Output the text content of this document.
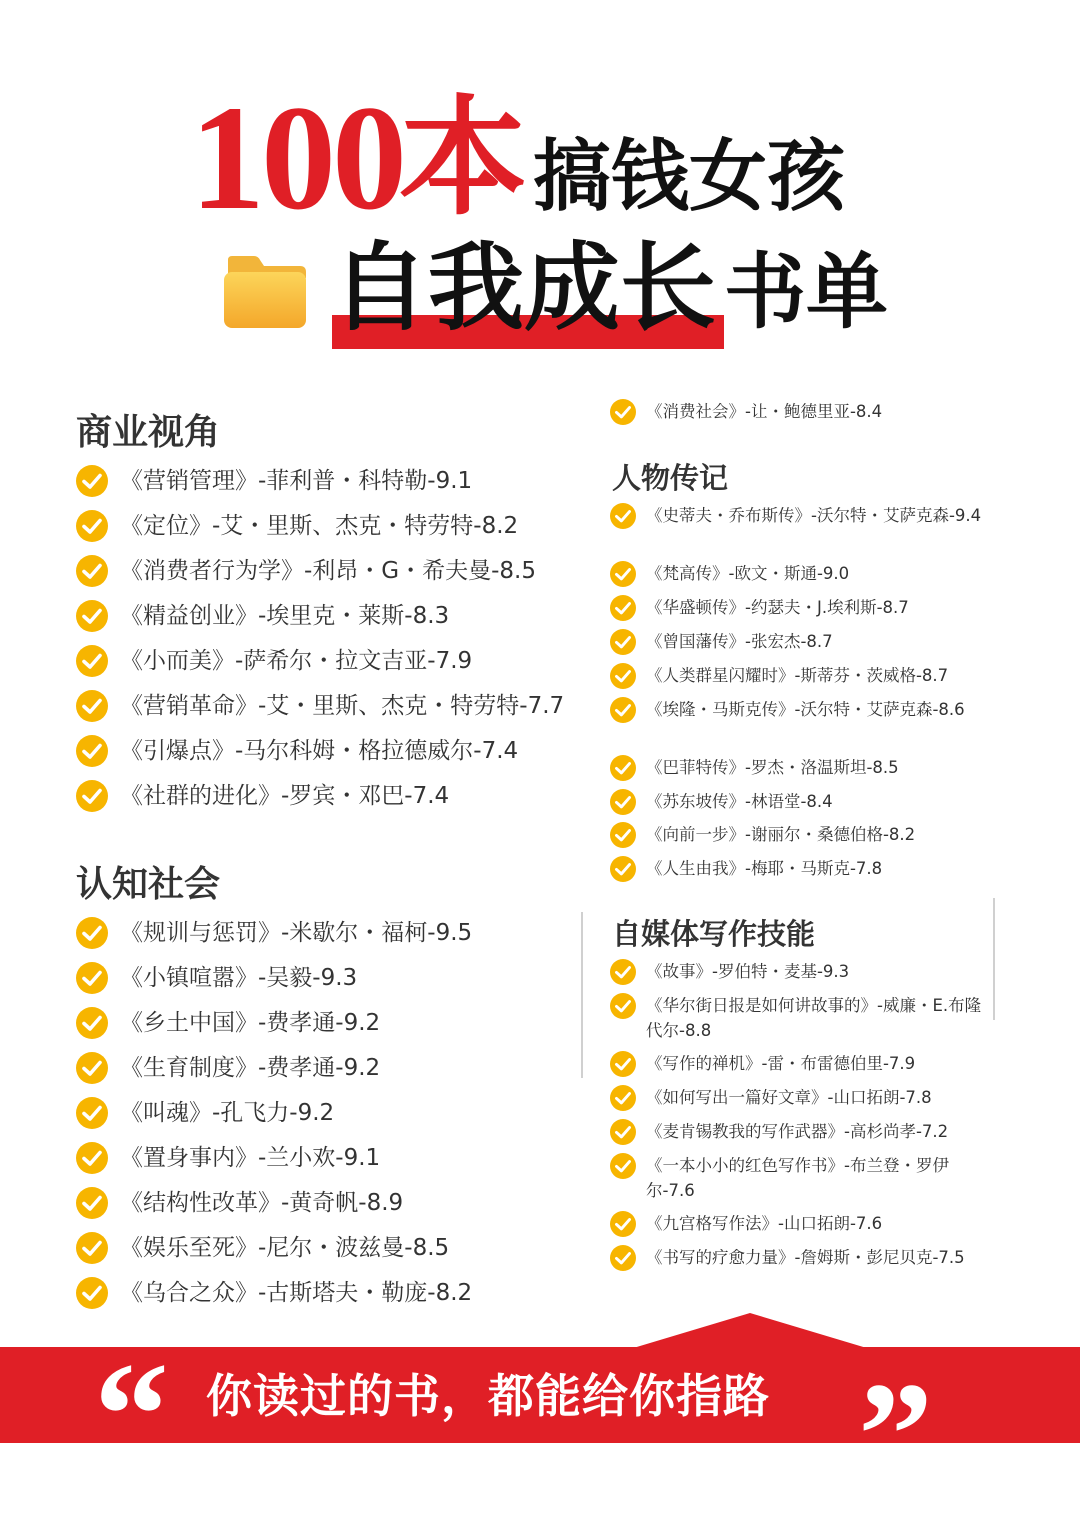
100本搞钱女孩
自我成长书单
商业视角
《营销管理》-菲利普・科特勒-9.1
《定位》-艾・里斯、杰克・特劳特-8.2
《消费者行为学》-利昂・G・希夫曼-8.5
《精益创业》-埃里克・莱斯-8.3
《小而美》-萨希尔・拉文吉亚-7.9
《营销革命》-艾・里斯、杰克・特劳特-7.7
《引爆点》-马尔科姆・格拉德威尔-7.4
《社群的进化》-罗宾・邓巴-7.4
认知社会
《规训与惩罚》-米歇尔・福柯-9.5
《小镇喧嚣》-吴毅-9.3
《乡土中国》-费孝通-9.2
《生育制度》-费孝通-9.2
《叫魂》-孔飞力-9.2
《置身事内》-兰小欢-9.1
《结构性改革》-黄奇帆-8.9
《娱乐至死》-尼尔・波兹曼-8.5
《乌合之众》-古斯塔夫・勒庞-8.2
《消费社会》-让・鲍德里亚-8.4
人物传记
《史蒂夫・乔布斯传》-沃尔特・艾萨克森-9.4
《梵高传》-欧文・斯通-9.0
《华盛顿传》-约瑟夫・J.埃利斯-8.7
《曾国藩传》-张宏杰-8.7
《人类群星闪耀时》-斯蒂芬・茨威格-8.7
《埃隆・马斯克传》-沃尔特・艾萨克森-8.6
《巴菲特传》-罗杰・洛温斯坦-8.5
《苏东坡传》-林语堂-8.4
《向前一步》-谢丽尔・桑德伯格-8.2
《人生由我》-梅耶・马斯克-7.8
自媒体写作技能
《故事》-罗伯特・麦基-9.3
《华尔街日报是如何讲故事的》-威廉・E.布隆代尔-8.8
《写作的禅机》-雷・布雷德伯里-7.9
《如何写出一篇好文章》-山口拓朗-7.8
《麦肯锡教我的写作武器》-高杉尚孝-7.2
《一本小小的红色写作书》-布兰登・罗伊尔-7.6
《九宫格写作法》-山口拓朗-7.6
《书写的疗愈力量》-詹姆斯・彭尼贝克-7.5
“ 你读过的书，都能给你指路 ”
